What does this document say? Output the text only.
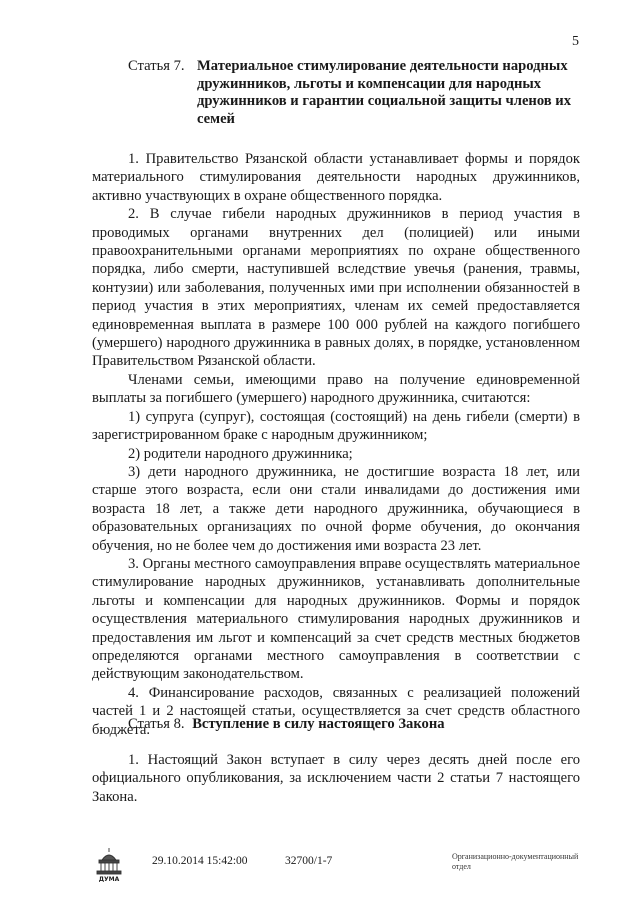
5
Статья 7. Материальное стимулирование деятельности народных дружинников, льготы и компенсации для народных дружинников и гарантии социальной защиты членов их семей

1. Правительство Рязанской области устанавливает формы и порядок материального стимулирования деятельности народных дружинников, активно участвующих в охране общественного порядка.

2. В случае гибели народных дружинников в период участия в проводимых органами внутренних дел (полицией) или иными правоохранительными органами мероприятиях по охране общественного порядка, либо смерти, наступившей вследствие увечья (ранения, травмы, контузии) или заболевания, полученных ими при исполнении обязанностей в период участия в этих мероприятиях, членам их семей предоставляется единовременная выплата в размере 100 000 рублей на каждого погибшего (умершего) народного дружинника в равных долях, в порядке, установленном Правительством Рязанской области.

Членами семьи, имеющими право на получение единовременной выплаты за погибшего (умершего) народного дружинника, считаются:

1) супруга (супруг), состоящая (состоящий) на день гибели (смерти) в зарегистрированном браке с народным дружинником;

2) родители народного дружинника;

3) дети народного дружинника, не достигшие возраста 18 лет, или старше этого возраста, если они стали инвалидами до достижения ими возраста 18 лет, а также дети народного дружинника, обучающиеся в образовательных организациях по очной форме обучения, до окончания обучения, но не более чем до достижения ими возраста 23 лет.

3. Органы местного самоуправления вправе осуществлять материальное стимулирование народных дружинников, устанавливать дополнительные льготы и компенсации для народных дружинников. Формы и порядок осуществления материального стимулирования народных дружинников и предоставления им льгот и компенсаций за счет средств местных бюджетов определяются органами местного самоуправления в соответствии с действующим законодательством.

4. Финансирование расходов, связанных с реализацией положений частей 1 и 2 настоящей статьи, осуществляется за счет средств областного бюджета.

Статья 8. Вступление в силу настоящего Закона

1. Настоящий Закон вступает в силу через десять дней после его официального опубликования, за исключением части 2 статьи 7 настоящего Закона.

ДУМА
29.10.2014 15:42:00	32700/1-7	Организационно-документационный отдел
